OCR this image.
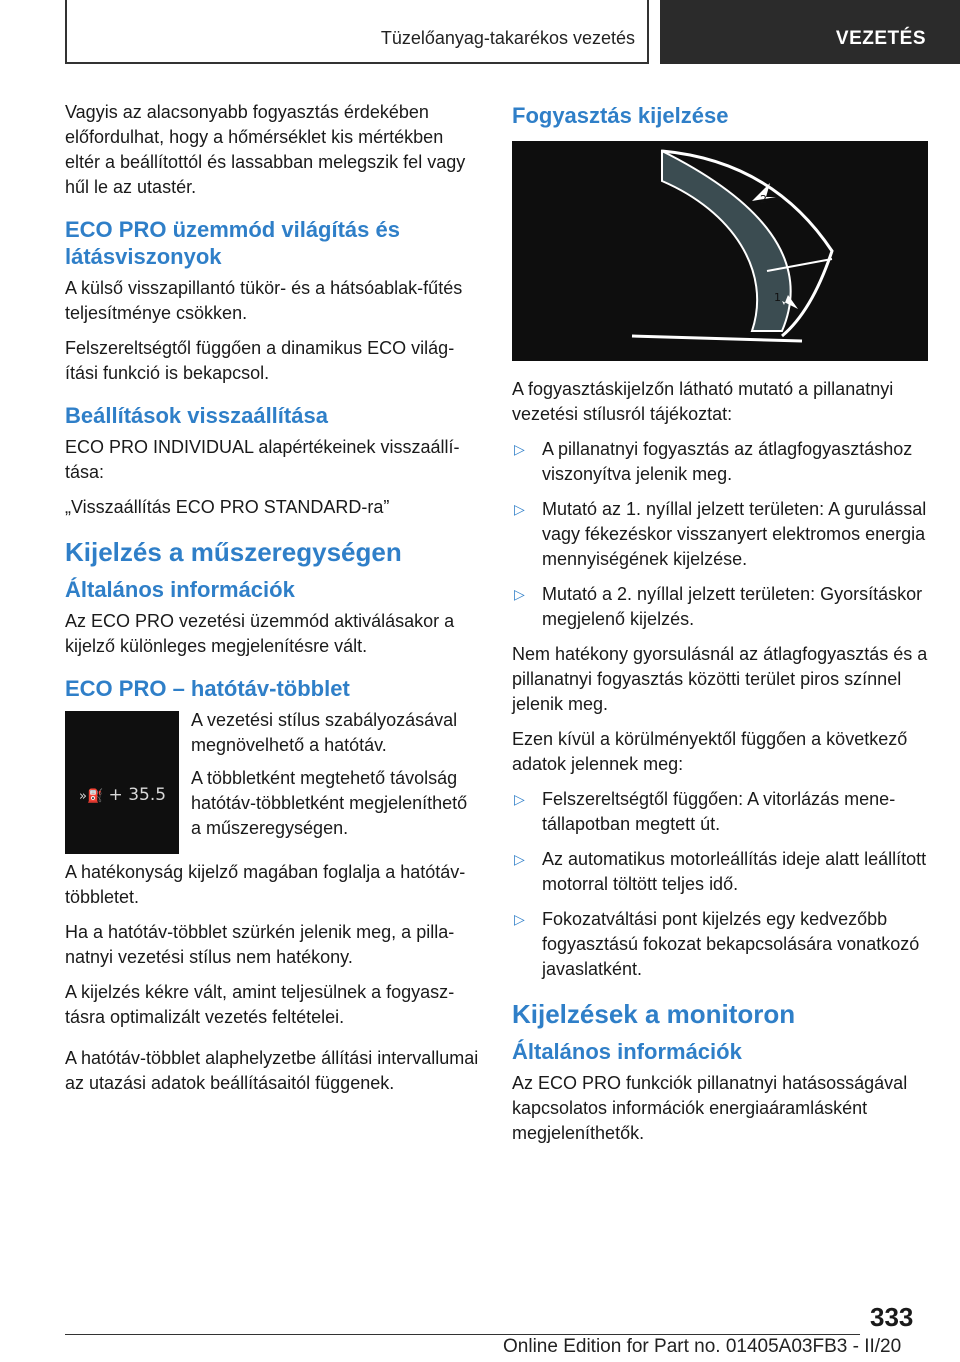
Tüzelőanyag-takarékos vezetés	VEZETÉS

Vagyis az alacsonyabb fogyasztás érdekében előfordulhat, hogy a hőmérséklet kis mértékben eltér a beállítottól és lassabban melegszik fel vagy hűl le az utastér.

ECO PRO üzemmód világítás és látásviszonyok

A külső visszapillantó tükör- és a hátsóablak-fűtés teljesítménye csökken.

Felszereltségtől függően a dinamikus ECO világítási funkció is bekapcsol.

Beállítások visszaállítása

ECO PRO INDIVIDUAL alapértékeinek visszaállítása:

„Visszaállítás ECO PRO STANDARD-ra”

Kijelzés a műszeregységen
Általános információk

Az ECO PRO vezetési üzemmód aktiválásakor a kijelző különleges megjelenítésre vált.

ECO PRO – hatótáv-többlet
»⛽ + 35.5

A vezetési stílus szabályozásával megnövelhető a hatótáv.

A többletként megtehető távolság hatótáv-többletként megjeleníthető a műszeregységen.

A hatékonyság kijelző magában foglalja a hatótáv-többletet.

Ha a hatótáv-többlet szürkén jelenik meg, a pillanatnyi vezetési stílus nem hatékony.

A kijelzés kékre vált, amint teljesülnek a fogyasztásra optimalizált vezetés feltételei.

A hatótáv-többlet alaphelyzetbe állítási intervallumai az utazási adatok beállításaitól függenek.

Fogyasztás kijelzése
2
1

A fogyasztáskijelzőn látható mutató a pillanatnyi vezetési stílusról tájékoztat:

▷ A pillanatnyi fogyasztás az átlagfogyasztáshoz viszonyítva jelenik meg.
▷ Mutató az 1. nyíllal jelzett területen: A gurulással vagy fékezéskor visszanyert elektromos energia mennyiségének kijelzése.
▷ Mutató a 2. nyíllal jelzett területen: Gyorsításkor megjelenő kijelzés.

Nem hatékony gyorsulásnál az átlagfogyasztás és a pillanatnyi fogyasztás közötti terület piros színnel jelenik meg.

Ezen kívül a körülményektől függően a következő adatok jelennek meg:

▷ Felszereltségtől függően: A vitorlázás menetállapotban megtett út.
▷ Az automatikus motorleállítás ideje alatt leállított motorral töltött teljes idő.
▷ Fokozatváltási pont kijelzés egy kedvezőbb fogyasztású fokozat bekapcsolására vonatkozó javaslatként.
Kijelzések a monitoron
Általános információk

Az ECO PRO funkciók pillanatnyi hatásosságával kapcsolatos információk energiaáramlásként megjeleníthetők.

333
Online Edition for Part no. 01405A03FB3 - II/20
